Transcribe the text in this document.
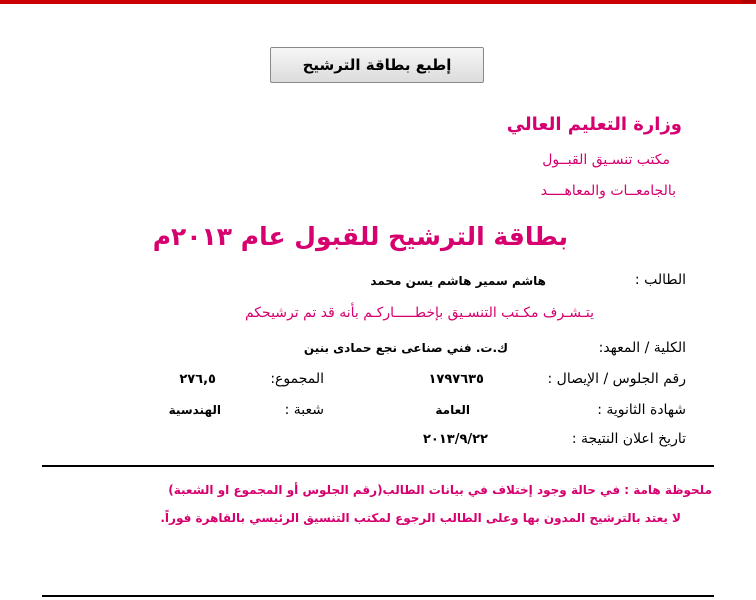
إطبع بطاقة الترشيح
وزارة التعليم العالي
مكتب تنسـيق القبــول
بالجامعــات والمعاهــــد
بطاقة الترشيح للقبول عام ٢٠١٣م
الطالب :
هاشم سمير هاشم يسن محمد
يتـشـرف مكـتب التنسـيق بإخطـــــاركـم بأنه قد تم ترشيحكم
الكلية / المعهد:
ك.ت. فني صناعى نجع حمادى بنين
رقم الجلوس / الإيصال :
١٧٩٧٦٣٥
المجموع:
٢٧٦,٥
شهادة الثانوية :
العامة
شعبة :
الهندسية
تاريخ اعلان النتيجة :
٢٠١٣/٩/٢٢
ملحوظة هامة : في حالة وجود إختلاف في بيانات الطالب(رقم الجلوس أو المجموع او الشعبة)
لا يعتد بالترشيح المدون بها وعلى الطالب الرجوع لمكتب التنسيق الرئيسي بالقاهرة فوراً.
